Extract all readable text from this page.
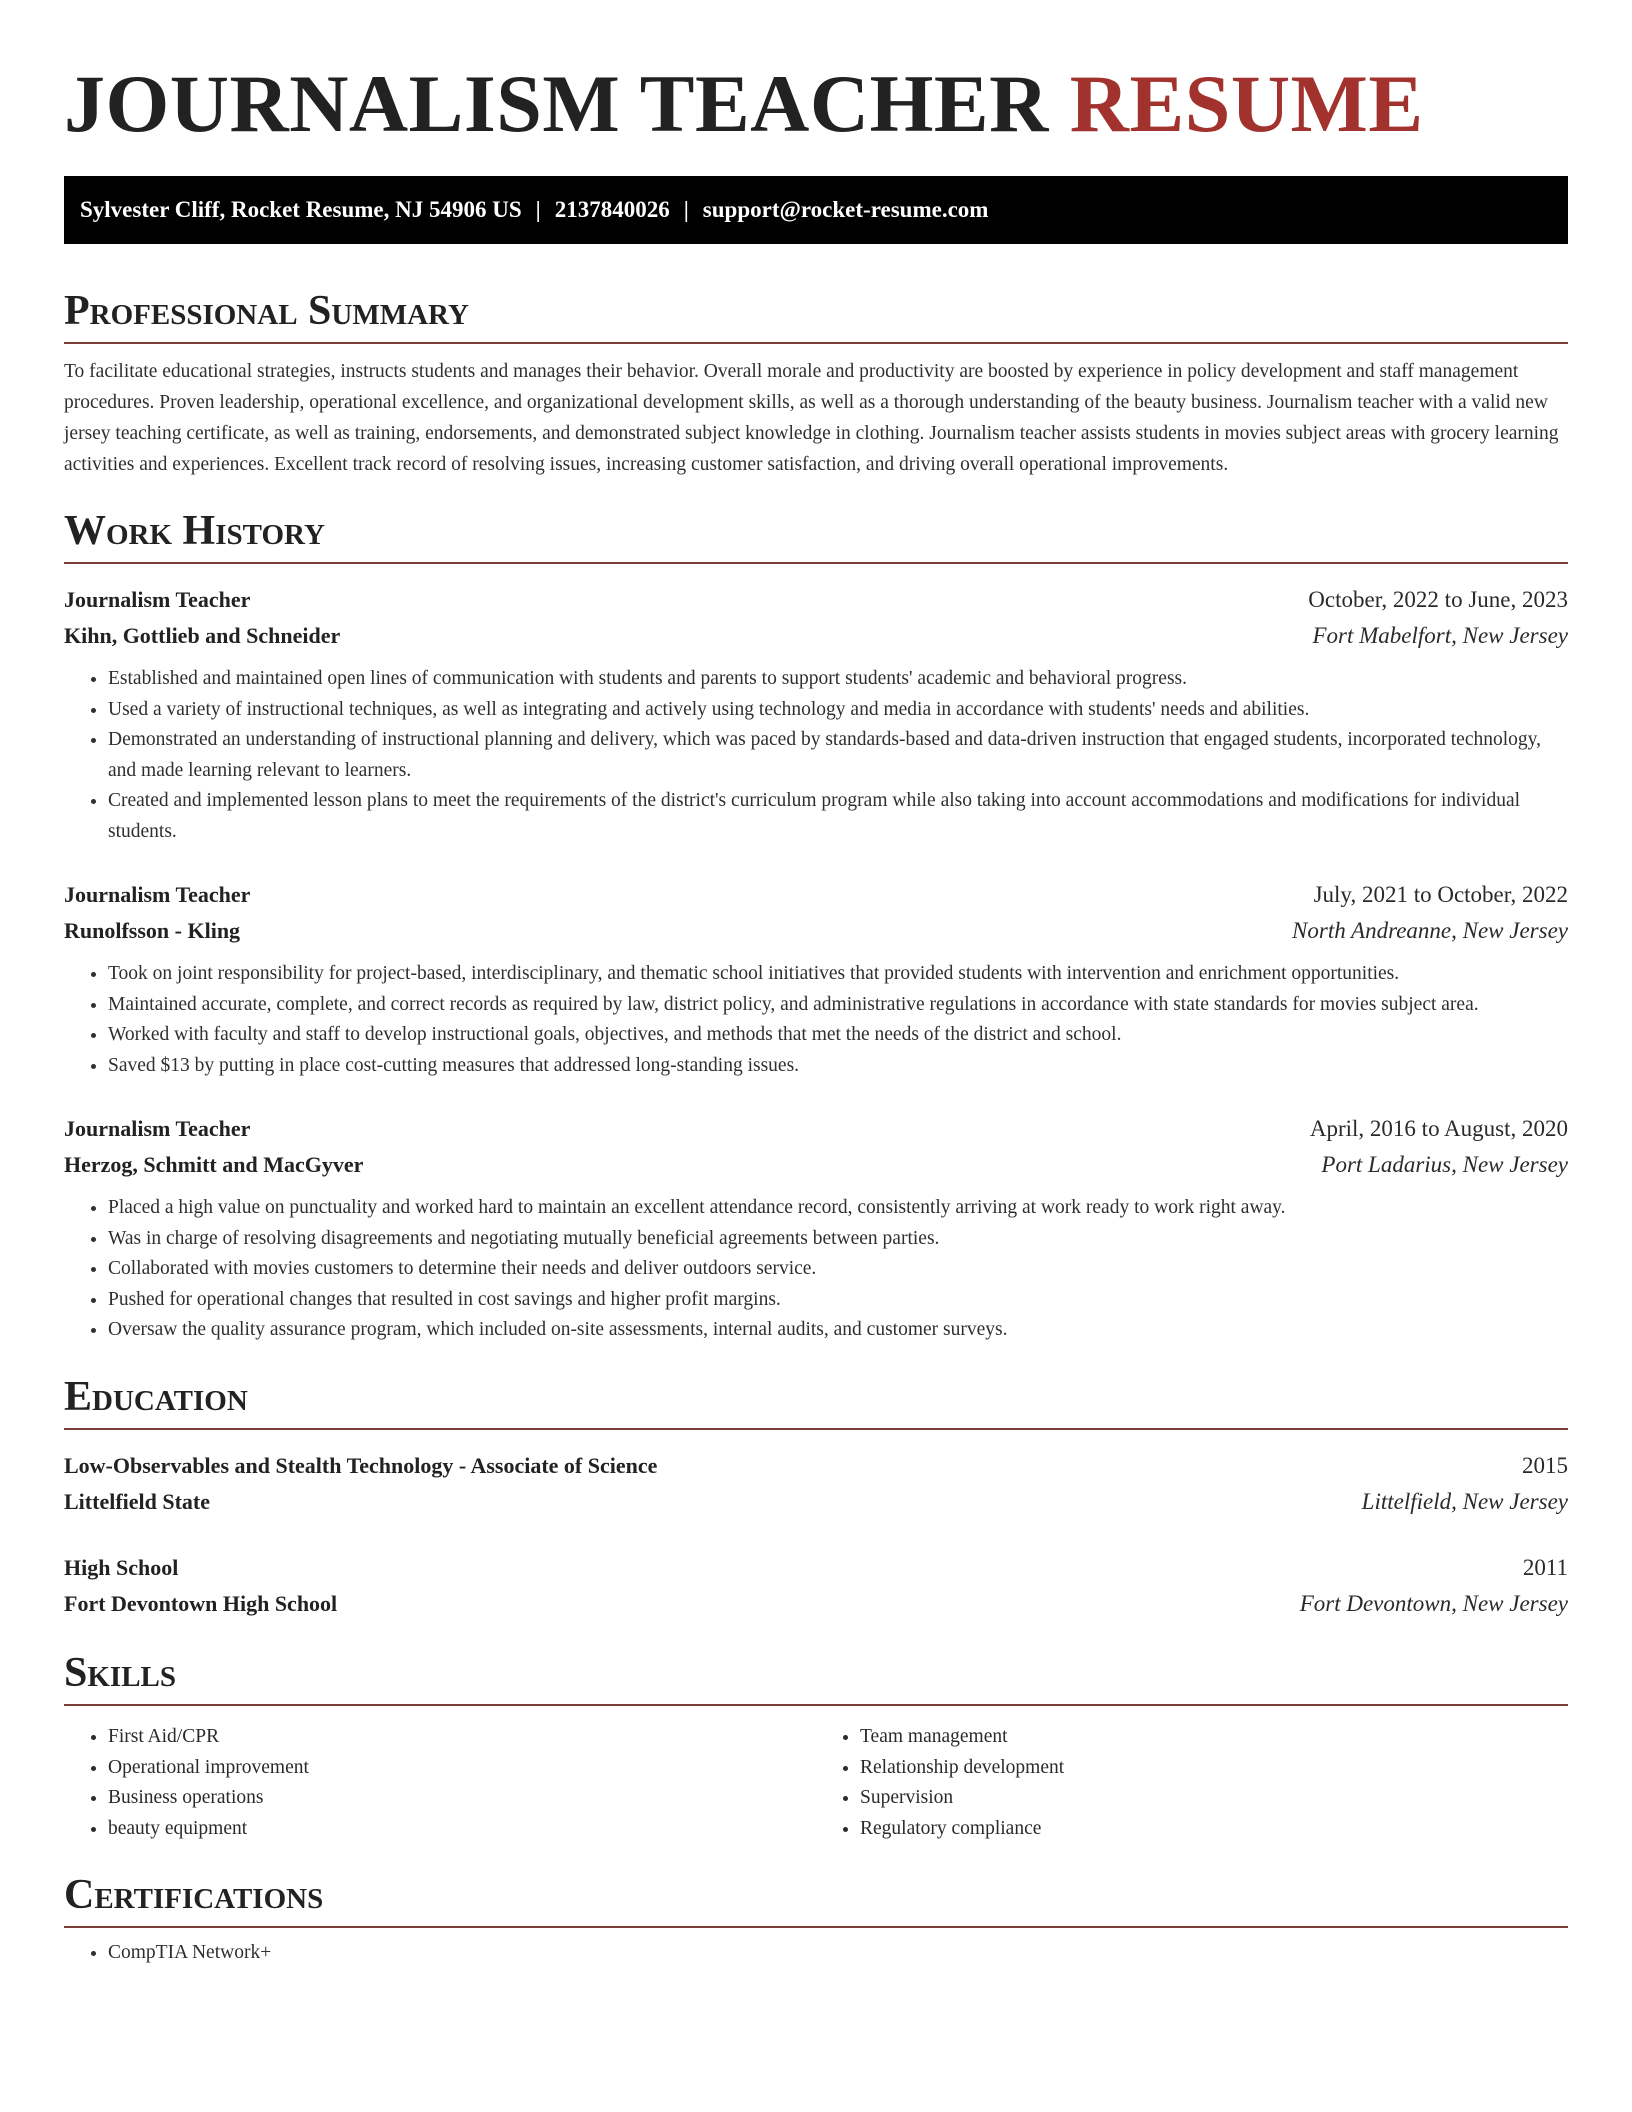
JOURNALISM TEACHER RESUME
Sylvester Cliff, Rocket Resume, NJ 54906 US | 2137840026 | support@rocket-resume.com
Professional Summary

To facilitate educational strategies, instructs students and manages their behavior. Overall morale and productivity are boosted by experience in policy development and staff management procedures. Proven leadership, operational excellence, and organizational development skills, as well as a thorough understanding of the beauty business. Journalism teacher with a valid new jersey teaching certificate, as well as training, endorsements, and demonstrated subject knowledge in clothing. Journalism teacher assists students in movies subject areas with grocery learning activities and experiences. Excellent track record of resolving issues, increasing customer satisfaction, and driving overall operational improvements.

Work History
Journalism Teacher	October, 2022 to June, 2023
Kihn, Gottlieb and Schneider	Fort Mabelfort, New Jersey
• Established and maintained open lines of communication with students and parents to support students' academic and behavioral progress.
• Used a variety of instructional techniques, as well as integrating and actively using technology and media in accordance with students' needs and abilities.
• Demonstrated an understanding of instructional planning and delivery, which was paced by standards-based and data-driven instruction that engaged students, incorporated technology, and made learning relevant to learners.
• Created and implemented lesson plans to meet the requirements of the district's curriculum program while also taking into account accommodations and modifications for individual students.
Journalism Teacher	July, 2021 to October, 2022
Runolfsson - Kling	North Andreanne, New Jersey
• Took on joint responsibility for project-based, interdisciplinary, and thematic school initiatives that provided students with intervention and enrichment opportunities.
• Maintained accurate, complete, and correct records as required by law, district policy, and administrative regulations in accordance with state standards for movies subject area.
• Worked with faculty and staff to develop instructional goals, objectives, and methods that met the needs of the district and school.
• Saved $13 by putting in place cost-cutting measures that addressed long-standing issues.
Journalism Teacher	April, 2016 to August, 2020
Herzog, Schmitt and MacGyver	Port Ladarius, New Jersey
• Placed a high value on punctuality and worked hard to maintain an excellent attendance record, consistently arriving at work ready to work right away.
• Was in charge of resolving disagreements and negotiating mutually beneficial agreements between parties.
• Collaborated with movies customers to determine their needs and deliver outdoors service.
• Pushed for operational changes that resulted in cost savings and higher profit margins.
• Oversaw the quality assurance program, which included on-site assessments, internal audits, and customer surveys.
Education
Low-Observables and Stealth Technology - Associate of Science	2015
Littelfield State	Littelfield, New Jersey
High School	2011
Fort Devontown High School	Fort Devontown, New Jersey
Skills
• First Aid/CPR
• Operational improvement
• Business operations
• beauty equipment
• Team management
• Relationship development
• Supervision
• Regulatory compliance
Certifications
• CompTIA Network+
